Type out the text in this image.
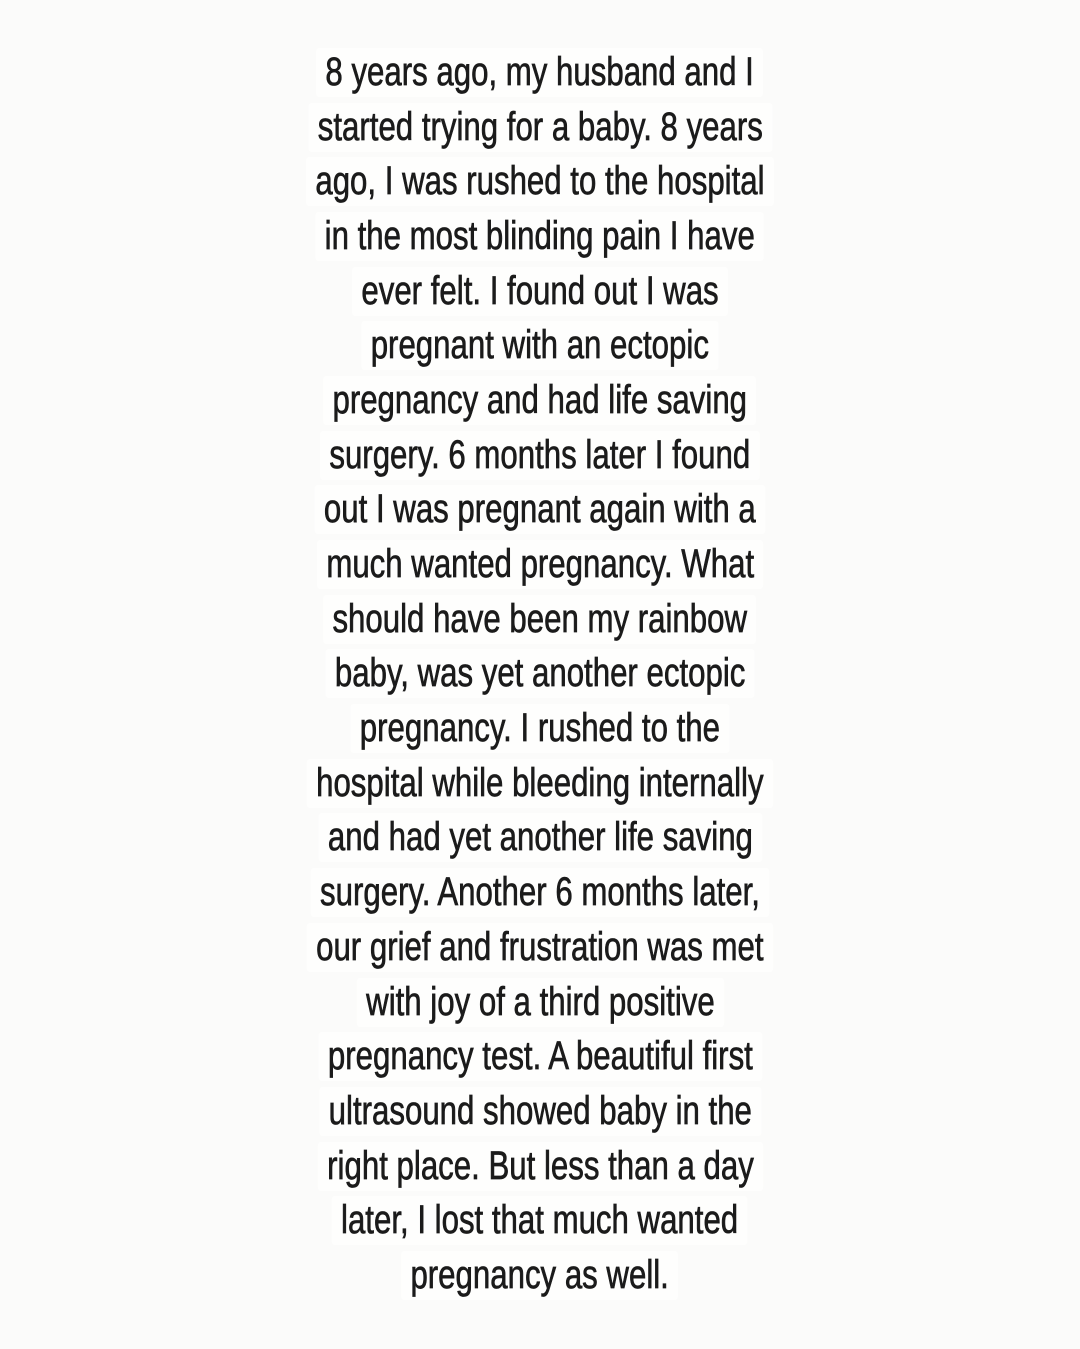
8 years ago, my husband and I
started trying for a baby. 8 years
ago, I was rushed to the hospital
in the most blinding pain I have
ever felt. I found out I was
pregnant with an ectopic
pregnancy and had life saving
surgery. 6 months later I found
out I was pregnant again with a
much wanted pregnancy. What
should have been my rainbow
baby, was yet another ectopic
pregnancy. I rushed to the
hospital while bleeding internally
and had yet another life saving
surgery. Another 6 months later,
our grief and frustration was met
with joy of a third positive
pregnancy test. A beautiful first
ultrasound showed baby in the
right place. But less than a day
later, I lost that much wanted
pregnancy as well.
